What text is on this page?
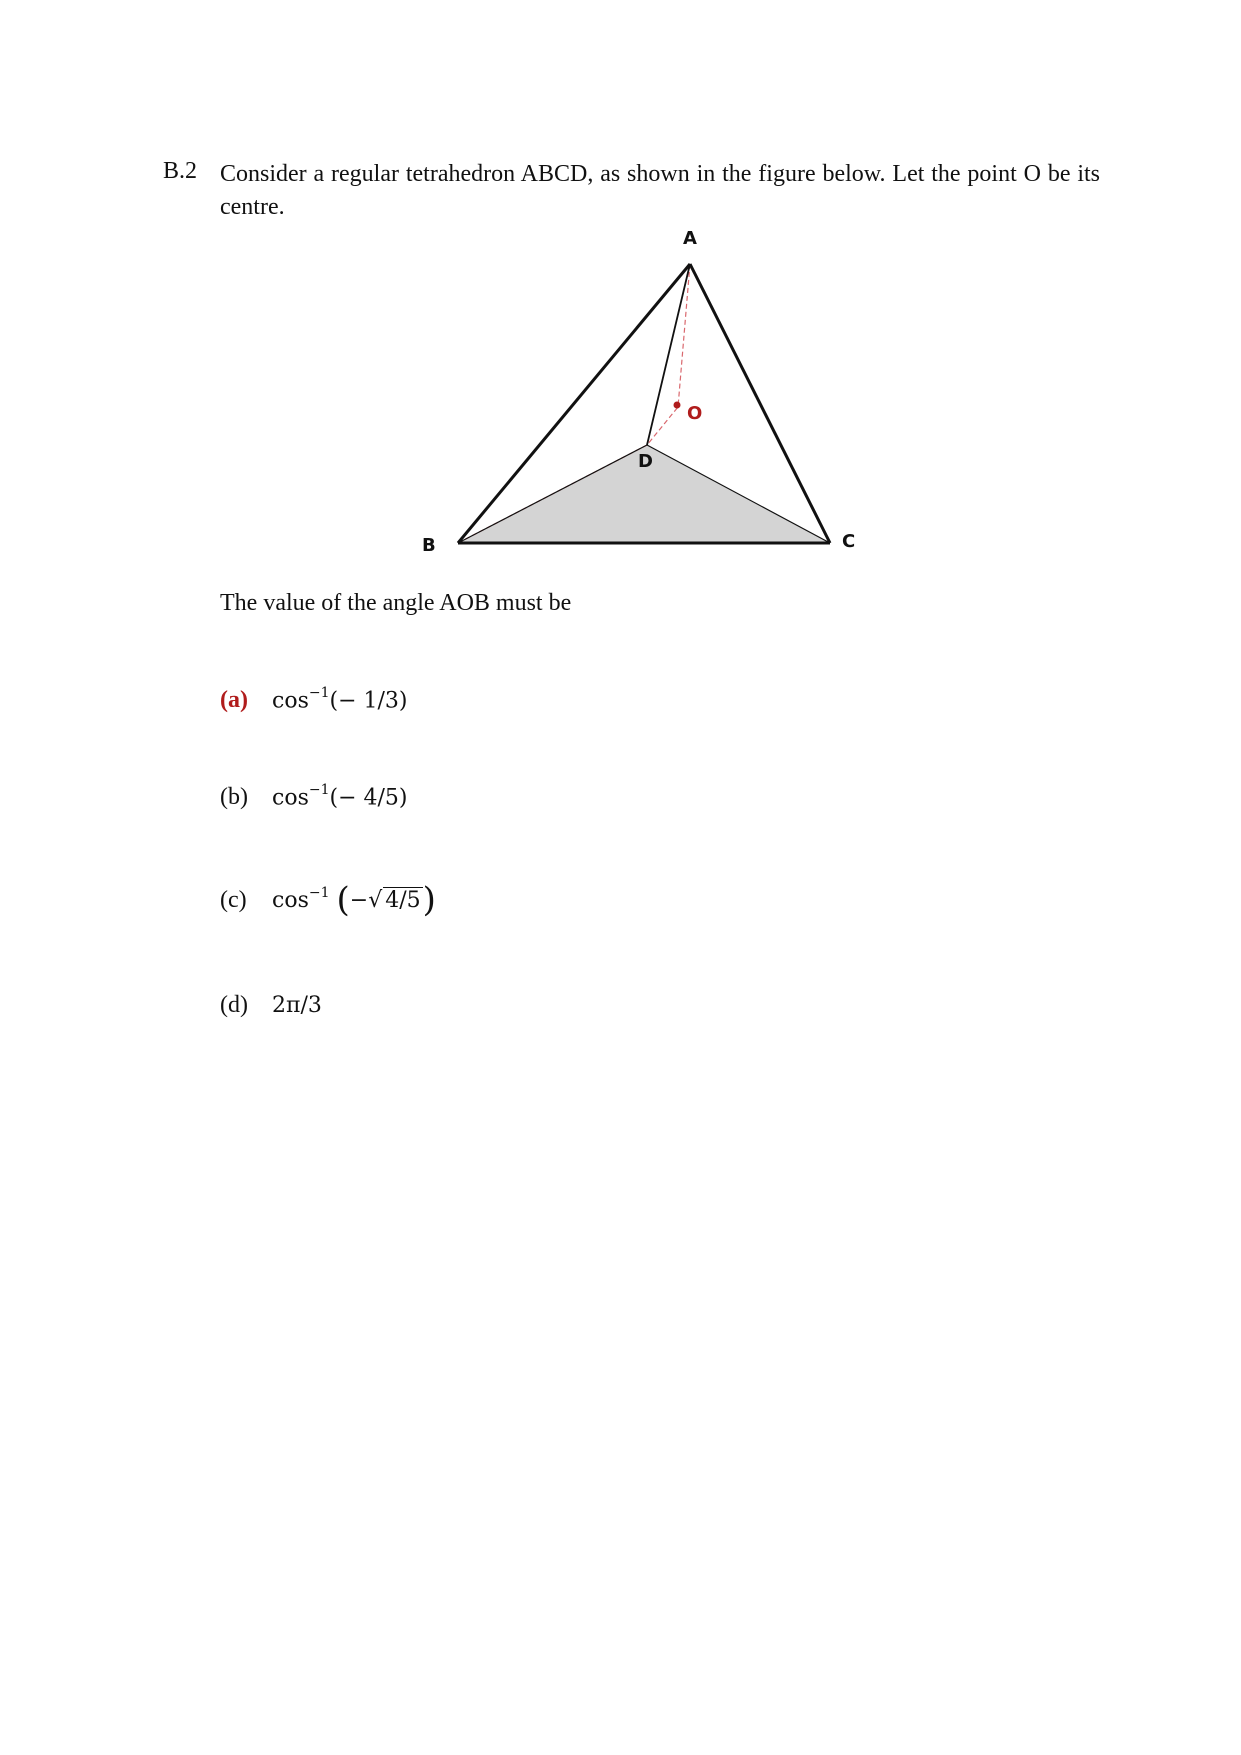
B.2 Consider a regular tetrahedron ABCD, as shown in the figure below. Let the point O be its centre.
A
B	C
D
O
The value of the angle AOB must be
(a)	$\cos^{-1}(- 1/3)$
(b)	$\cos^{-1}(- 4/5)$
(c)	$\cos^{-1}$ (−√ 4/5)
(d)	2π/3
